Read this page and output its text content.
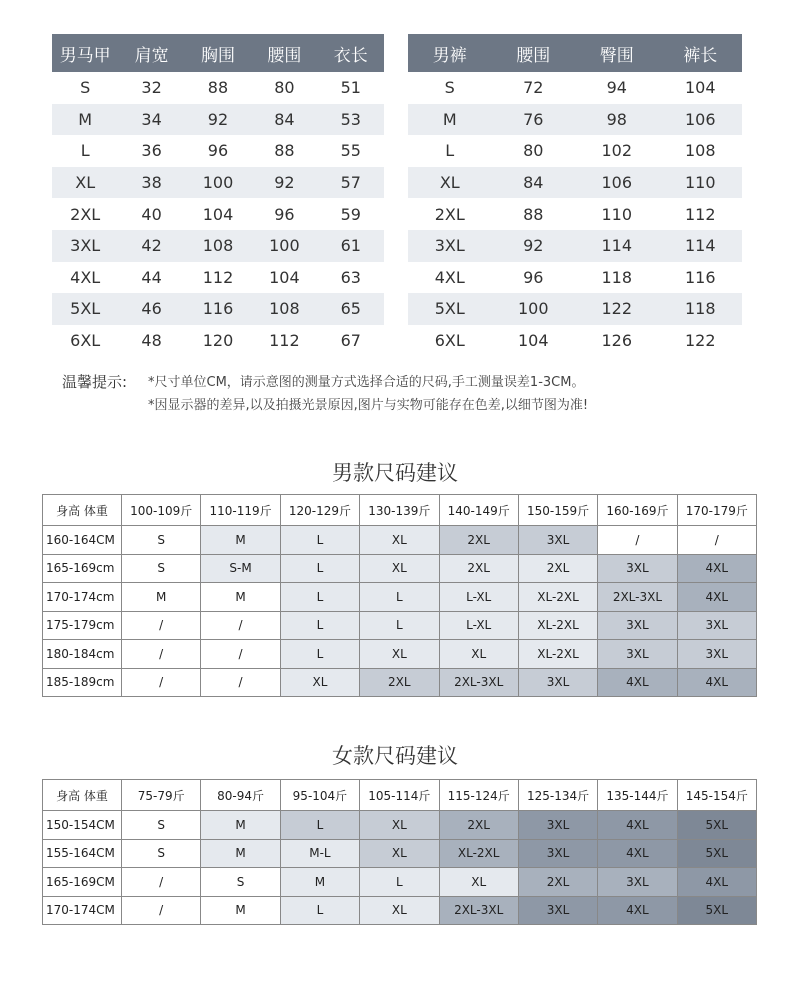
男马甲	肩宽	胸围	腰围	衣长
S	32	88	80	51
M	34	92	84	53
L	36	96	88	55
XL	38	100	92	57
2XL	40	104	96	59
3XL	42	108	100	61
4XL	44	112	104	63
5XL	46	116	108	65
6XL	48	120	112	67
男裤	腰围	臀围	裤长
S	72	94	104
M	76	98	106
L	80	102	108
XL	84	106	110
2XL	88	110	112
3XL	92	114	114
4XL	96	118	116
5XL	100	122	118
6XL	104	126	122
温馨提示: *尺寸单位CM，请示意图的测量方式选择合适的尺码,手工测量误差1-3CM。
*因显示器的差异,以及拍摄光景原因,图片与实物可能存在色差,以细节图为准!
男款尺码建议
身高 体重	100-109斤	110-119斤	120-129斤	130-139斤	140-149斤	150-159斤	160-169斤	170-179斤
160-164CM	S	M	L	XL	2XL	3XL	/	/
165-169cm	S	S-M	L	XL	2XL	2XL	3XL	4XL
170-174cm	M	M	L	L	L-XL	XL-2XL	2XL-3XL	4XL
175-179cm	/	/	L	L	L-XL	XL-2XL	3XL	3XL
180-184cm	/	/	L	XL	XL	XL-2XL	3XL	3XL
185-189cm	/	/	XL	2XL	2XL-3XL	3XL	4XL	4XL
女款尺码建议
身高 体重	75-79斤	80-94斤	95-104斤	105-114斤	115-124斤	125-134斤	135-144斤	145-154斤
150-154CM	S	M	L	XL	2XL	3XL	4XL	5XL
155-164CM	S	M	M-L	XL	XL-2XL	3XL	4XL	5XL
165-169CM	/	S	M	L	XL	2XL	3XL	4XL
170-174CM	/	M	L	XL	2XL-3XL	3XL	4XL	5XL
